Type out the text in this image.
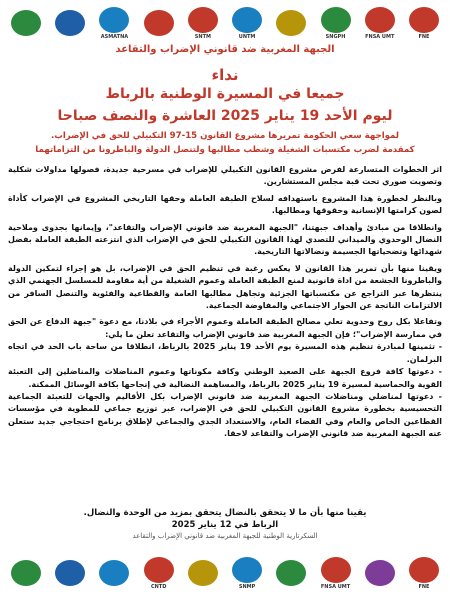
ASMATNA	SNTM	UNTM	SNGPH	FNSA UMT	FNE
الجبهة المغربية ضد قانوني الإضراب والتقاعد
نداء
جميعا في المسيرة الوطنية بالرباط
ليوم الأحد 19 يناير 2025 العاشرة والنصف صباحا
لمواجهة سعي الحكومة تمريرها مشروع القانون 15-97 التكبيلي للحق في الإضراب.
كمقدمة لضرب مكتسبات الشغيلة وشطب مطالبها ولتنصل الدولة والباطرونا من التزاماتهما

اثر الخطوات المتسارعة لفرض مشروع القانون التكبيلي للإضراب في مسرحية جديدة، فصولها مداولات شكلية وتصويت صوري تحت قبة مجلس المستشارين.

وبالنظر لخطورة هذا المشروع باستهدافه لسلاح الطبقة العاملة وحقها التاريخي المشروع في الإضراب كأداة لصون كرامتها الإنسانية وحقوقها ومطالبها.

وانطلاقا من مبادئ وأهداف جبهتنا، "الجبهة المغربية ضد قانوني الإضراب والتقاعد"، وإيمانها بجدوى وملاحية النضال الوحدوي والميداني للتصدي لهذا القانون التكبيلي للحق في الإضراب الذي انتزعته الطبقة العاملة بفضل شهدائها وتضحياتها الجسيمة ونضالاتها التاريخية.

ويقينا منها بأن تمرير هذا القانون لا يعكس رغبة في تنظيم الحق في الإضراب، بل هو إجراء لتمكين الدولة والباطرونا الجشعة من اداة قانونية لمنع الطبقة العاملة وعموم الشغيلة من أية مقاومة للمسلسل الجهنمي الذي ينتظرها عبر التراجع عن مكتسباتها الجزئية وتجاهل مطالبها العامة والقطاعية والفئوية والتنصل السافر من الالتزامات الناتجة عن الحوار الاجتماعي والمفاوضة الجماعية.

وتفاعلا بكل روح وحدوية تعلي مصالح الطبقة العاملة وعموم الأجراء في بلادنا، مع دعوة "جبهة الدفاع عن الحق في ممارسة الإضراب"؛ فإن الجبهة المغربية ضد قانوني الإضراب والتقاعد تعلن ما يلي:

- تثمينها لمبادرة تنظيم هذه المسيرة يوم الأحد 19 يناير 2025 بالرباط، انطلاقا من ساحة باب الحد في اتجاه البرلمان.

- دعوتها كافة فروع الجبهة على الصعيد الوطني وكافة مكوناتها وعموم المناضلات والمناضلين إلى التعبئة القوية والحماسية لمسيرة 19 يناير 2025 بالرباط، والمساهمة النضالية في إنجاحها بكافة الوسائل الممكنة.

- دعوتها لمناضلي ومناضلات الجبهة المغربية ضد قانوني الإضراب بكل الأقاليم والجهات للتعبئة الجماعية التحسيسية بخطورة مشروع القانون التكبيلي للحق في الإضراب، عبر توزيع جماعي للمطوية في مؤسسات القطاعين الخاص والعام وفي الفضاء العام، والاستعداد الجدي والجماعي لإطلاق برنامج احتجاجي جديد ستعلن عنه الجبهة المغربية ضد قانوني الإضراب والتقاعد لاحقا.

يقينا منها بأن ما لا يتحقق بالنضال يتحقق بمزيد من الوحدة والنضال.
الرباط في 12 يناير 2025
السكرتارية الوطنية للجبهة المغربية ضد قانوني الإضراب والتقاعد
CNTD	SNMP	FNSA UMT	FNE
